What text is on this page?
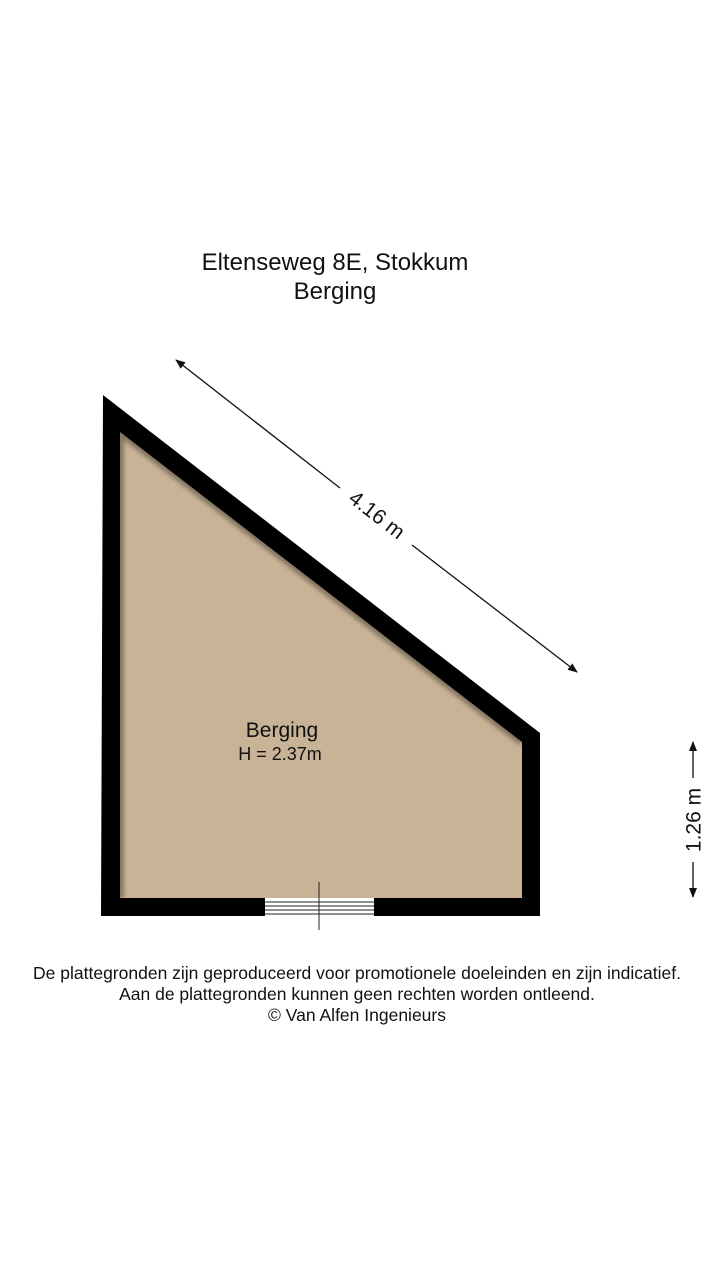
Eltenseweg 8E, Stokkum
Berging
Berging
H = 2.37m
4.16 m
1.26 m
De plattegronden zijn geproduceerd voor promotionele doeleinden en zijn indicatief.
Aan de plattegronden kunnen geen rechten worden ontleend.
© Van Alfen Ingenieurs
